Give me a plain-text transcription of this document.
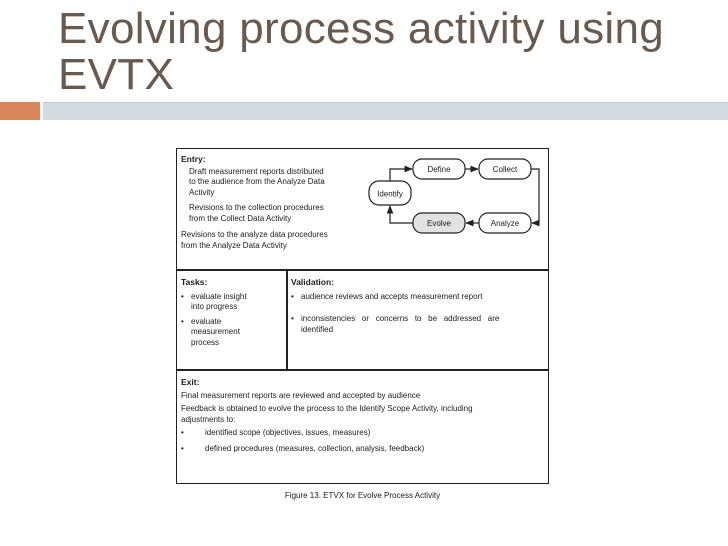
Evolving process activity using
EVTX
Entry:
Draft measurement reports distributed
to the audience from the Analyze Data
Activity
Revisions to the collection procedures
from the Collect Data Activity
Revisions to the analyze data procedures
from the Analyze Data Activity
Identify
Define	Collect
Evolve	Analyze
Tasks:
• evaluate insight
into progress
• evaluate
measurement
process
Validation:
• audience reviews and accepts measurement report
• inconsistencies   or   concerns   to   be   addressed   are
identified
Exit:
Final measurement reports are reviewed and accepted by audience
Feedback is obtained to evolve the process to the Identify Scope Activity, including
adjustments to:
•	identified scope (objectives, issues, measures)
•	defined procedures (measures, collection, analysis, feedback)
Figure 13. ETVX for Evolve Process Activity
